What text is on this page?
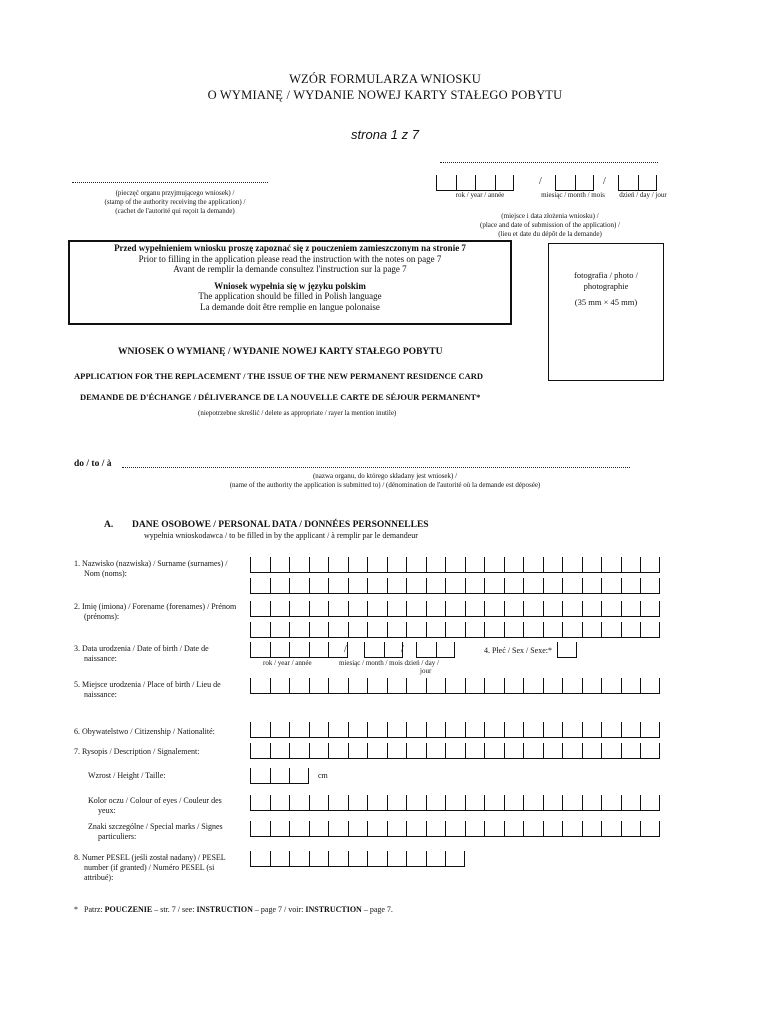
WZÓR FORMULARZA WNIOSKU
O WYMIANĘ / WYDANIE NOWEJ KARTY STAŁEGO POBYTU
strona 1 z 7
(pieczęć organu przyjmującego wniosek) /
(stamp of the authority receiving the application) /
(cachet de l'autorité qui reçoit la demande)
/	/
rok / year / année	miesiąc / month / mois	dzień / day / jour
(miejsce i data złożenia wniosku) /
(place and date of submission of the application) /
(lieu et date du dépôt de la demande)
Przed wypełnieniem wniosku proszę zapoznać się z pouczeniem zamieszczonym na stronie 7
Prior to filling in the application please read the instruction with the notes on page 7
Avant de remplir la demande consultez l'instruction sur la page 7
Wniosek wypełnia się w języku polskim
The application should be filled in Polish language
La demande doit être remplie en langue polonaise
fotografia / photo /
photographie
(35 mm × 45 mm)
WNIOSEK O WYMIANĘ / WYDANIE NOWEJ KARTY STAŁEGO POBYTU
APPLICATION FOR THE REPLACEMENT / THE ISSUE OF THE NEW PERMANENT RESIDENCE CARD
DEMANDE DE D'ÉCHANGE / DÉLIVERANCE DE LA NOUVELLE CARTE DE SÉJOUR PERMANENT*
(niepotrzebne skreślić / delete as appropriate / rayer la mention inutile)
do / to / à
(nazwa organu, do którego składany jest wniosek) /
(name of the authority the application is submitted to) / (dénomination de l'autorité où la demande est déposée)
A. DANE OSOBOWE / PERSONAL DATA / DONNÉES PERSONNELLES
wypełnia wnioskodawca / to be filled in by the applicant / à remplir par le demandeur
1. Nazwisko (nazwiska) / Surname (surnames) /
Nom (noms):
2. Imię (imiona) / Forename (forenames) / Prénom
(prénoms):
3. Data urodzenia / Date of birth / Date de
naissance:
/	/
rok / year / année	miesiąc / month / mois dzień / day /
jour
4. Płeć / Sex / Sexe:*
5. Miejsce urodzenia / Place of birth / Lieu de
naissance:
6. Obywatelstwo / Citizenship / Nationalité:
7. Rysopis / Description / Signalement:
Wzrost / Height / Taille:	cm
Kolor oczu / Colour of eyes / Couleur des
yeux:
Znaki szczególne / Special marks / Signes
particuliers:
8. Numer PESEL (jeśli został nadany) / PESEL
number (if granted) / Numéro PESEL (si
attribué):
* Patrz: POUCZENIE – str. 7 / see: INSTRUCTION – page 7 / voir: INSTRUCTION – page 7.
